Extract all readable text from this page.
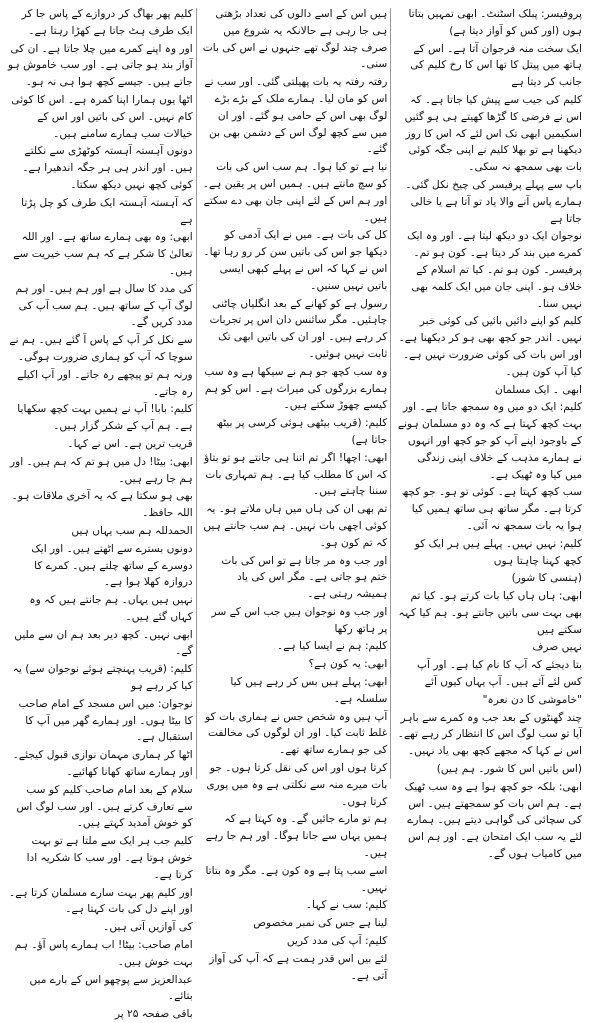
پروفیسر: پبلک اسٹنٹ۔ ابھی تمہیں بتاتا ہوں (اور کس کو آواز دیتا ہے)

ایک سخت منہ فرجوان آتا ہے۔ اس کے ہاتھ میں پیتل کا تھا اس کا رخ کلیم کی جانب کر دیتا ہے

کلیم کی جیب سے پیش کیا جاتا ہے۔ کہ اس نے فرضی کا گڑھا کھیتے ہی ہو گئیں اسکیمیں ابھی تک اس لئے کہ اس کا روز دیکھنا ہے تو بھلا کلیم نے اپنی جگہ کوئی بات بھی سمجھ نہ سکی۔

باپ سے پہلے پرفیسر کی چیخ نکل گئی۔ ہمارے پاس آنے والا یاد تو آتا ہے یا خالی جاتا ہے

نوجوان ایک دو دیکھ لیتا ہے۔ اور وہ ایک کمرے میں بند کر دیتا ہے۔ کون ہو تم۔ پرفیسر۔ کون ہو تم۔ کیا تم اسلام کے خلاف ہو۔ اپنی جان میں ایک کلمہ بھی نہیں سنا۔

کلیم کو اپنے دائیں بائیں کی کوئی خبر نہیں۔ اندر جو کچھ بھی ہو کر دیکھنا ہے۔ اور اس بات کی کوئی ضرورت نہیں ہے۔ کیا آپ کون ہیں۔

ابھی ۔ ایک مسلمان

کلیم: ایک دو میں وہ سمجھ جاتا ہے۔ اور بہت کچھ کہتا ہے کہ وہ دو مسلمان ہونے کے باوجود اپنے آپ کو جو کچھ اور انہوں نے ہمارے مذہب کے خلاف اپنی زندگی میں کیا وہ ٹھیک ہے۔

سب کچھ کہتا ہے۔ کوئی تو ہو۔ جو کچھ کرتا ہے۔ مگر ساتھ ہی ساتھ ہمیں کیا ہوا یہ بات سمجھ نہ آئی۔

کلیم: نہیں نہیں۔ پہلے ہیں ہر ایک کو کچھ کہنا چاہتا ہوں

(ہنسی کا شور)

ابھی: ہاں ہاں کیا بات کرتے ہو۔ کیا تم بھی بہت سی باتیں جانتے ہو۔ ہم کیا کہہ سکتے ہیں

نہیں صرف

بتا دیجئے کہ آپ کا نام کیا ہے۔ اور آپ کس لئے آئے ہیں۔ آپ یہاں کیوں آئے

"خاموشی کا دن نعرہ"

چند گھنٹوں کے بعد جب وہ کمرے سے باہر آیا تو سب لوگ اس کا انتظار کر رہے تھے۔ اس نے کہا کہ مجھے کچھ بھی یاد نہیں۔

(اس باتیں اس کا شور۔ ہم ہیں)

ابھی: بلکہ جو کچھ ہوا ہے وہ سب ٹھیک ہے۔ ہم اس بات کو سمجھتے ہیں۔ اس کی سچائی کی گواہی دیتے ہیں۔ ہمارے لئے یہ سب ایک امتحان ہے۔ اور ہم اس میں کامیاب ہوں گے۔

ہیں اس کے اسے دالوں کی تعداد بڑھتی ہی جا رہی ہے حالانکہ یہ شروع میں صرف چند لوگ تھے جنہوں نے اس کی بات سنی۔

رفتہ رفتہ یہ بات پھیلتی گئی۔ اور سب نے اس کو مان لیا۔ ہمارے ملک کے بڑے بڑے لوگ بھی اس کے حامی ہو گئے۔ اور ان میں سے کچھ لوگ اس کے دشمن بھی بن گئے۔

نیا ہے تو کیا ہوا۔ ہم سب اس کی بات کو سچ مانتے ہیں۔ ہمیں اس پر یقین ہے۔ اور ہم اس کے لئے اپنی جان بھی دے سکتے ہیں۔

کل کی بات ہے۔ میں نے ایک آدمی کو دیکھا جو اس کی باتیں سن کر رو رہا تھا۔ اس نے کہا کہ اس نے پہلے کبھی ایسی باتیں نہیں سنیں۔

رسول ہے کو کھانے کے بعد انگلیاں چاٹنی چاہئیں۔ مگر سائنس دان اس پر تجربات کر رہے ہیں۔ اور ان کی باتیں ابھی تک ثابت نہیں ہوئیں۔

وہ سب کچھ جو ہم نے سیکھا ہے وہ سب ہمارے بزرگوں کی میراث ہے۔ اس کو ہم کیسے چھوڑ سکتے ہیں۔

کلیم: (قریب بیٹھی ہوئی کرسی پر بیٹھ جاتا ہے)

ابھی: اچھا! اگر تم اتنا ہی جانتے ہو تو بتاؤ کہ اس کا مطلب کیا ہے۔ ہم تمہاری بات سننا چاہتے ہیں۔

تم بھی ان کی ہاں میں ہاں ملاتے ہو۔ یہ کوئی اچھی بات نہیں۔ ہم سب جانتے ہیں کہ تم کون ہو۔

اور جب وہ مر جاتا ہے تو اس کی بات ختم ہو جاتی ہے۔ مگر اس کی یاد ہمیشہ رہتی ہے۔

اور جب وہ نوجوان ہیں جب اس کے سر پر ہاتھ رکھا

کلیم: ہم نے ایسا کیا ہے۔

ابھی: یہ کون ہے؟

ابھی: پہلے ہیں بس کر رہے ہیں کیا سلسلہ ہے۔

آپ ہیں وہ شخص جس نے ہماری بات کو غلط ثابت کیا۔ اور ان لوگوں کی مخالفت کی جو ہمارے ساتھ تھے۔

کرتا ہوں اور اس کی نقل کرتا ہوں۔ جو بات میرے منہ سے نکلتی ہے وہ میں پوری کرتا ہوں۔

ہم تو مارے جائیں گے۔ وہ کہتا ہے کہ ہمیں یہاں سے جانا ہوگا۔ اور ہم جا رہے ہیں۔

اسے سب پتا ہے وہ کون ہے۔ مگر وہ بتاتا نہیں۔

کلیم: سب نے کہا۔

لینا ہے جس کی نمبر مخصوص

کلیم: آپ کی مدد کریں

لئے بیں اس قدر ہمت ہے کہ آپ کی آواز آتی ہے۔

کلیم پھر بھاگ کر دروازے کے پاس جا کر ایک طرف ہٹ جاتا ہے کھڑا رہتا ہے۔

اور وہ اپنے کمرے میں چلا جاتا ہے۔ ان کی آواز بند ہو جاتی ہے۔ اور سب خاموش ہو جاتے ہیں۔ جیسے کچھ ہوا ہی نہ ہو۔

اٹھا یوں ہمارا اپنا کمرہ ہے۔ اس کا کوئی کام نہیں۔ اس کی باتیں اور اس کے خیالات سب ہمارے سامنے ہیں۔

دونوں آہستہ آہستہ کوٹھڑی سے نکلتے ہیں۔ اور اندر ہی ہر جگہ اندھیرا ہے۔ کوئی کچھ نہیں دیکھ سکتا۔

کہ آہستہ آہستہ ایک طرف کو چل پڑتا ہے

ابھی: وہ بھی ہمارے ساتھ ہے۔ اور اللہ تعالیٰ کا شکر ہے کہ ہم سب خیریت سے ہیں۔

کی مدد کا سال ہے اور ہم ہیں۔ اور ہم لوگ آپ کے ساتھ ہیں۔ ہم سب آپ کی مدد کریں گے۔

سے نکل کر آپ کے پاس آ گئے ہیں۔ ہم نے سوچا کہ آپ کو ہماری ضرورت ہوگی۔

ورنہ ہم تو پیچھے رہ جاتے۔ اور آپ اکیلے رہ جاتے۔

کلیم: بابا! آپ نے ہمیں بہت کچھ سکھایا ہے۔ ہم آپ کے شکر گزار ہیں۔

قریب ترین ہے۔ اس نے کہا۔

ابھی: بیٹا! دل میں ہو تم کہ ہم ہیں۔ اور ہم جا رہے ہیں۔

بھی ہو سکتا ہے کہ یہ آخری ملاقات ہو۔ اللہ حافظ۔

الحمدللہ ہم سب یہاں ہیں

دونوں بسترے سے اٹھتے ہیں۔ اور ایک دوسرے کے ساتھ چلتے ہیں۔ کمرے کا دروازہ کھلا ہوا ہے۔

نہیں ہیں یہاں۔ ہم جانتے ہیں کہ وہ کہاں گئے ہیں۔

ابھی نہیں۔ کچھ دیر بعد ہم ان سے ملیں گے۔

کلیم: (قریب پہنچتے ہوئے نوجوان سے) یہ کیا کر رہے ہو

نوجوان: میں اس مسجد کے امام صاحب کا بیٹا ہوں۔ اور ہمارے گھر میں آپ کا استقبال ہے۔

اٹھا کر ہماری مہمان نوازی قبول کیجئے۔ اور ہمارے ساتھ کھانا کھائیے۔

سلام کے بعد امام صاحب کلیم کو سب سے تعارف کرتے ہیں۔ اور سب لوگ اس کو خوش آمدید کہتے ہیں۔

کلیم جب ہر ایک سے ملتا ہے تو بہت خوش ہوتا ہے۔ اور سب کا شکریہ ادا کرتا ہے۔

اور کلیم پھر بہت سارے مسلمان کرتا ہے۔ اور اپنے دل کی بات کہتا ہے۔

کی آوازیں آتی ہیں۔

امام صاحب: بیٹا! اب ہمارے پاس آؤ۔ ہم بہت خوش ہیں۔

عبدالعزیز سے پوچھو اس کے بارے میں بتائے۔

باقی صفحہ ۲۵ پر
